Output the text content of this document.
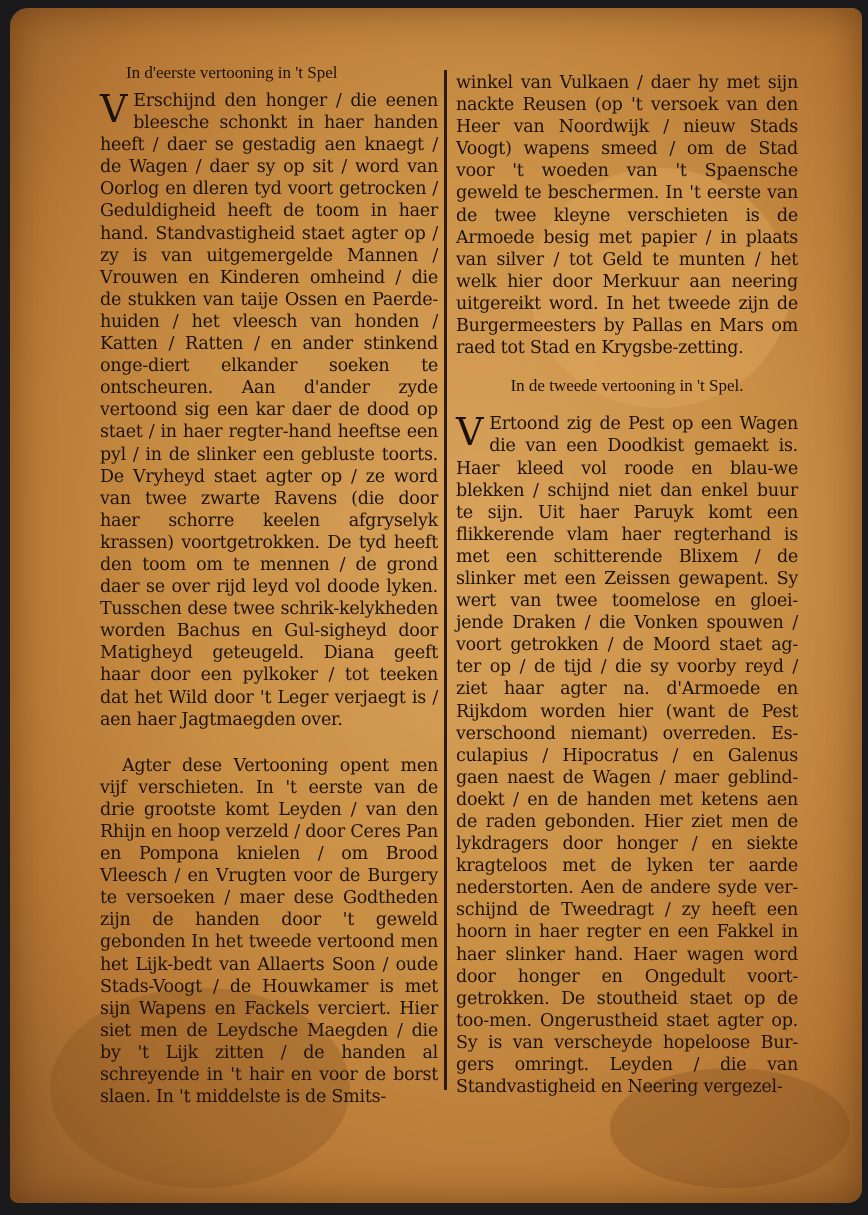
In d'eerste vertooning in 't Spel

V Erschijnd den honger / die eenen bleesche schonkt in haer handen heeft / daer se gestadig aen knaegt / de Wagen / daer sy op sit / word van Oorlog en dleren tyd voort getrocken / Geduldigheid heeft de toom in haer hand. Standvastigheid staet agter op / zy is van uitgemergelde Mannen / Vrouwen en Kinderen omheind / die de stukken van taije Ossen en Paerde-huiden / het vleesch van honden / Katten / Ratten / en ander stinkend onge-diert elkander soeken te ontscheuren. Aan d'ander zyde vertoond sig een kar daer de dood op staet / in haer regter-hand heeftse een pyl / in de slinker een gebluste toorts. De Vryheyd staet agter op / ze word van twee zwarte Ravens (die door haer schorre keelen afgryselyk krassen) voortgetrokken. De tyd heeft den toom om te mennen / de grond daer se over rijd leyd vol doode lyken. Tusschen dese twee schrik-kelykheden worden Bachus en Gul-sigheyd door Matigheyd geteugeld. Diana geeft haar door een pylkoker / tot teeken dat het Wild door 't Leger verjaegt is / aen haer Jagtmaegden over.

Agter dese Vertooning opent men vijf verschieten. In 't eerste van de drie grootste komt Leyden / van den Rhijn en hoop verzeld / door Ceres Pan en Pompona knielen / om Brood Vleesch / en Vrugten voor de Burgery te versoeken / maer dese Godtheden zijn de handen door 't geweld gebonden In het tweede vertoond men het Lijk-bedt van Allaerts Soon / oude Stads-Voogt / de Houwkamer is met sijn Wapens en Fackels verciert. Hier siet men de Leydsche Maegden / die by 't Lijk zitten / de handen al schreyende in 't hair en voor de borst slaen. In 't middelste is de Smits-

winkel van Vulkaen / daer hy met sijn nackte Reusen (op 't versoek van den Heer van Noordwijk / nieuw Stads Voogt) wapens smeed / om de Stad voor 't woeden van 't Spaensche geweld te beschermen. In 't eerste van de twee kleyne verschieten is de Armoede besig met papier / in plaats van silver / tot Geld te munten / het welk hier door Merkuur aan neering uitgereikt word. In het tweede zijn de Burgermeesters by Pallas en Mars om raed tot Stad en Krygsbe-zetting.

In de tweede vertooning in 't Spel.

V Ertoond zig de Pest op een Wagen die van een Doodkist gemaekt is. Haer kleed vol roode en blau-we blekken / schijnd niet dan enkel buur te sijn. Uit haer Paruyk komt een flikkerende vlam haer regterhand is met een schitterende Blixem / de slinker met een Zeissen gewapent. Sy wert van twee toomelose en gloei-jende Draken / die Vonken spouwen / voort getrokken / de Moord staet ag-ter op / de tijd / die sy voorby reyd / ziet haar agter na. d'Armoede en Rijkdom worden hier (want de Pest verschoond niemant) overreden. Es-culapius / Hipocratus / en Galenus gaen naest de Wagen / maer geblind-doekt / en de handen met ketens aen de raden gebonden. Hier ziet men de lykdragers door honger / en siekte kragteloos met de lyken ter aarde nederstorten. Aen de andere syde ver-schijnd de Tweedragt / zy heeft een hoorn in haer regter en een Fakkel in haer slinker hand. Haer wagen word door honger en Ongedult voort-getrokken. De stoutheid staet op de too-men. Ongerustheid staet agter op. Sy is van verscheyde hopeloose Bur-gers omringt. Leyden / die van Standvastigheid en Neering vergezel-
